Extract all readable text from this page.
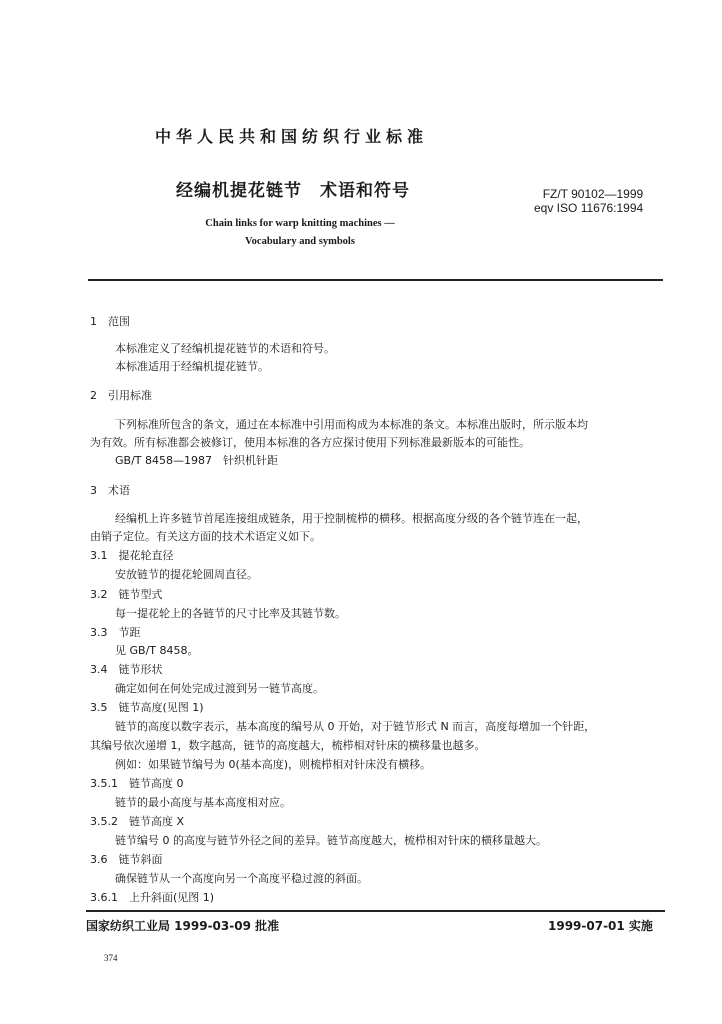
中华人民共和国纺织行业标准
经编机提花链节　术语和符号	FZ/T 90102—1999
eqv ISO 11676:1994
Chain links for warp knitting machines —
Vocabulary and symbols
1　范围
本标准定义了经编机提花链节的术语和符号。
本标准适用于经编机提花链节。
2　引用标准
下列标准所包含的条文，通过在本标准中引用而构成为本标准的条文。本标准出版时，所示版本均
为有效。所有标准都会被修订，使用本标准的各方应探讨使用下列标准最新版本的可能性。
GB/T 8458—1987　针织机针距
3　术语
经编机上许多链节首尾连接组成链条，用于控制梳栉的横移。根据高度分级的各个链节连在一起，
由销子定位。有关这方面的技术术语定义如下。
3.1　提花轮直径
安放链节的提花轮圆周直径。
3.2　链节型式
每一提花轮上的各链节的尺寸比率及其链节数。
3.3　节距
见 GB/T 8458。
3.4　链节形状
确定如何在何处完成过渡到另一链节高度。
3.5　链节高度(见图 1)
链节的高度以数字表示，基本高度的编号从 0 开始，对于链节形式 N 而言，高度每增加一个针距，
其编号依次递增 1，数字越高，链节的高度越大，梳栉相对针床的横移量也越多。
例如：如果链节编号为 0(基本高度)，则梳栉相对针床没有横移。
3.5.1　链节高度 0
链节的最小高度与基本高度相对应。
3.5.2　链节高度 X
链节编号 0 的高度与链节外径之间的差异。链节高度越大，梳栉相对针床的横移量越大。
3.6　链节斜面
确保链节从一个高度向另一个高度平稳过渡的斜面。
3.6.1　上升斜面(见图 1)
国家纺织工业局 1999-03-09 批准	1999-07-01 实施
374
